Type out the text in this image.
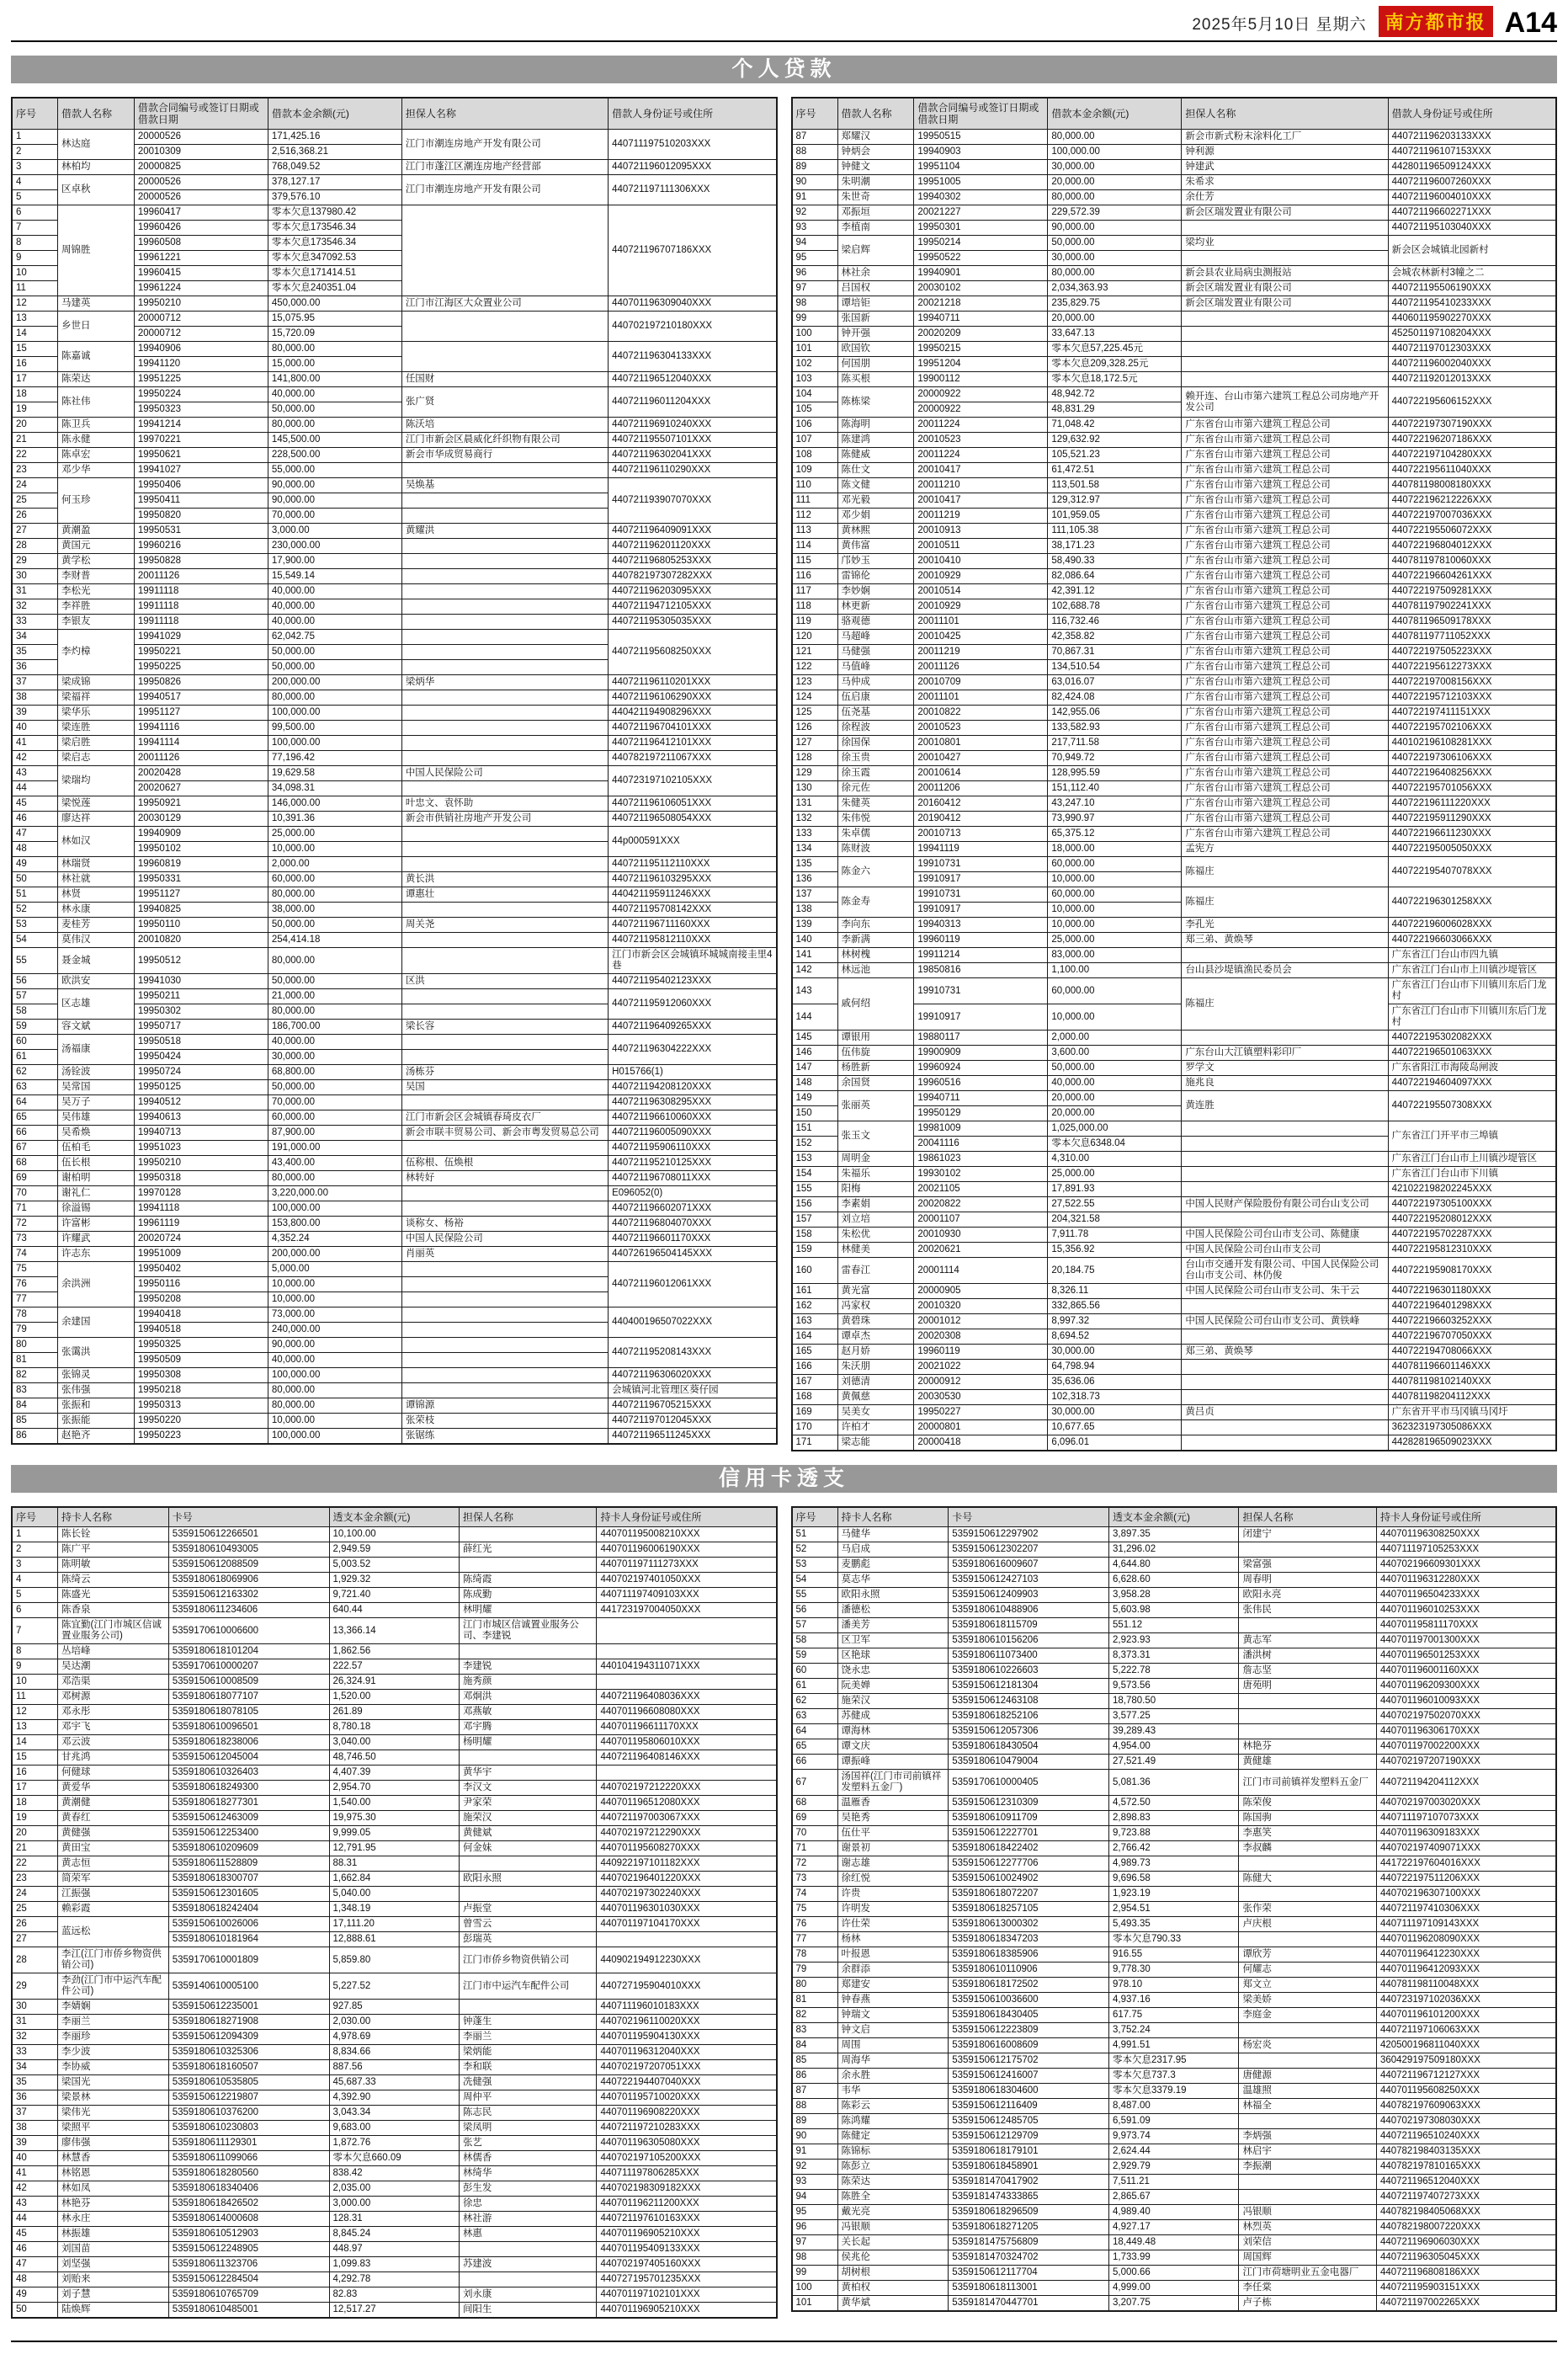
2025年5月10日 星期六	南方都市报 A14
个人贷款
序号	借款人名称	借款合同编号或签订日期或借款日期	借款本金余额(元)	担保人名称	借款人身份证号或住所
1	林达庭	20000526	171,425.16	江门市潮连房地产开发有限公司	440711197510203XXX
2		20010309	2,516,368.21		
3	林柏均	20000825	768,049.52	江门市蓬江区潮连房地产经营部	440721196012095XXX
4	区卓秋	20000526	378,127.17	江门市潮连房地产开发有限公司	440721197111306XXX
5		20000526	379,576.10		
6	周锦胜	19960417	零本欠息137980.42		440721196707186XXX
7		19960426	零本欠息173546.34		
8		19960508	零本欠息173546.34		
9		19961221	零本欠息347092.53		
10		19960415	零本欠息171414.51		
11		19961224	零本欠息240351.04		
12	马建英	19950210	450,000.00	江门市江海区大众置业公司	440701196309040XXX
13	乡世日	20000712	15,075.95		440702197210180XXX
14		20000712	15,720.09		
15	陈嘉诚	19940906	80,000.00		440721196304133XXX
16		19941120	15,000.00		
17	陈荣达	19951225	141,800.00	任国财	440721196512040XXX
18	陈社伟	19950224	40,000.00	张广贤	440721196011204XXX
19		19950323	50,000.00		
20	陈卫兵	19941214	80,000.00	陈沃培	440721196910240XXX
21	陈永健	19970221	145,500.00	江门市新会区晨威化纤织物有限公司	440721195507101XXX
22	陈卓宏	19950621	228,500.00	新会市华成贸易商行	440721196302041XXX
23	邓少华	19941027	55,000.00		440721196110290XXX
24	何玉珍	19950406	90,000.00	吴焕基	440721193907070XXX
25		19950411	90,000.00		
26		19950820	70,000.00		
27	黄潮盈	19950531	3,000.00	黄耀洪	440721196409091XXX
28	黄国元	19960216	230,000.00		440721196201120XXX
29	黄学松	19950828	17,900.00		440721196805253XXX
30	李财普	20011126	15,549.14		440782197307282XXX
31	李松光	19911118	40,000.00		440721196203095XXX
32	李祥胜	19911118	40,000.00		440721194712105XXX
33	李银友	19911118	40,000.00		440721195305035XXX
34	李灼樟	19941029	62,042.75		440721195608250XXX
35		19950221	50,000.00		
36		19950225	50,000.00		
37	梁成锦	19950826	200,000.00	梁炳华	440721196110201XXX
38	梁福祥	19940517	80,000.00		440721196106290XXX
39	梁华乐	19951127	100,000.00		440421194908296XXX
40	梁连胜	19941116	99,500.00		440721196704101XXX
41	梁启胜	19941114	100,000.00		440721196412101XXX
42	梁启志	20011126	77,196.42		440782197211067XXX
43	梁瑞均	20020428	19,629.58	中国人民保险公司	440723197102105XXX
44		20020627	34,098.31		
45	梁悦莲	19950921	146,000.00	叶忠文、袁怀助	440721196106051XXX
46	廖达祥	20030129	10,391.36	新会市供销社房地产开发公司	440721196508054XXX
47	林如汉	19940909	25,000.00		44p000591XXX
48		19950102	10,000.00		
49	林瑞贤	19960819	2,000.00		440721195112110XXX
50	林社就	19950331	60,000.00	黄长洪	440721196103295XXX
51	林贤	19951127	80,000.00	谭惠壮	440421195911246XXX
52	林永康	19940825	38,000.00		440721195708142XXX
53	麦桂芳	19950110	50,000.00	周关尧	440721196711160XXX
54	莫伟汉	20010820	254,414.18		440721195812110XXX
55	聂金城	19950512	80,000.00		江门市新会区会城镇环城城南接圭里4巷
56	欧洪安	19941030	50,000.00	区洪	440721195402123XXX
57	区志雄	19950211	21,000.00		440721195912060XXX
58		19950302	80,000.00		
59	容文斌	19950717	186,700.00	梁长容	440721196409265XXX
60	汤福康	19950518	40,000.00		440721196304222XXX
61		19950424	30,000.00		
62	汤铨波	19950724	68,800.00	汤栋芬	H015766(1)
63	吴常国	19950125	50,000.00	吴国	440721194208120XXX
64	吴万子	19940512	70,000.00		440721196308295XXX
65	吴伟雄	19940613	60,000.00	江门市新会区会城镇春琦皮衣厂	440721196610060XXX
66	吴希焕	19940713	87,900.00	新会市联丰贸易公司、新会市粤发贸易总公司	440721196005090XXX
67	伍柏毛	19951023	191,000.00		440721195906110XXX
68	伍长根	19950210	43,400.00	伍称根、伍焕根	440721195210125XXX
69	谢柏明	19950318	80,000.00	林转好	440721196708011XXX
70	谢礼仁	19970128	3,220,000.00		E096052(0)
71	徐溢锡	19941118	100,000.00		440721196602071XXX
72	许富彬	19961119	153,800.00	谈称女、杨裕	440721196804070XXX
73	许耀武	20020724	4,352.24	中国人民保险公司	440721196601170XXX
74	许志东	19951009	200,000.00	肖丽英	440726196504145XXX
75	余洪洲	19950402	5,000.00		440721196012061XXX
76		19950116	10,000.00		
77		19950208	10,000.00		
78	余建国	19940418	73,000.00		440400196507022XXX
79		19940518	240,000.00		
80	张霭洪	19950325	90,000.00		440721195208143XXX
81		19950509	40,000.00		
82	张锦灵	19950308	100,000.00		440721196306020XXX
83	张伟强	19950218	80,000.00		会城镇河北管理区葵仔园
84	张振和	19950313	80,000.00	谭锦源	440721196705215XXX
85	张振能	19950220	10,000.00	张荣枝	440721197012045XXX
86	赵艳齐	19950223	100,000.00	张锯练	440721196511245XXX
序号	借款人名称	借款合同编号或签订日期或借款日期	借款本金余额(元)	担保人名称	借款人身份证号或住所
87	郑耀汉	19950515	80,000.00	新会市新式粉末涂料化工厂	440721196203133XXX
88	钟炳会	19940903	100,000.00	钟利源	440721196107153XXX
89	钟健文	19951104	30,000.00	钟建武	442801196509124XXX
90	朱明潮	19951005	20,000.00	朱希求	440721196007260XXX
91	朱世奇	19940302	80,000.00	余仕芳	440721196004010XXX
92	邓振垣	20021227	229,572.39	新会区瑞发置业有限公司	440721196602271XXX
93	李植南	19950301	90,000.00		440721195103040XXX
94	梁启辉	19950214	50,000.00	梁均业	新会区会城镇北园新村
95		19950522	30,000.00		
96	林社余	19940901	80,000.00	新会县农业局病虫测报站	会城农林新村3幢之二
97	吕国权	20030102	2,034,363.93	新会区瑞发置业有限公司	440721195506190XXX
98	谭培钜	20021218	235,829.75	新会区瑞发置业有限公司	440721195410233XXX
99	张国新	19940711	20,000.00		440601195902270XXX
100	钟开强	20020209	33,647.13		452501197108204XXX
101	欧国钦	19950215	零本欠息57,225.45元		440721197012303XXX
102	何国朋	19951204	零本欠息209,328.25元		440721196002040XXX
103	陈买根	19900112	零本欠息18,172.5元		440721192012013XXX
104	陈栋梁	20000922	48,942.72	赖开连、台山市第六建筑工程总公司房地产开发公司	440722195606152XXX
105		20000922	48,831.29		
106	陈海明	20011224	71,048.42	广东省台山市第六建筑工程总公司	440722197307190XXX
107	陈建鸿	20010523	129,632.92	广东省台山市第六建筑工程总公司	440722196207186XXX
108	陈健威	20011224	105,521.23	广东省台山市第六建筑工程总公司	440722197104280XXX
109	陈仕文	20010417	61,472.51	广东省台山市第六建筑工程总公司	440722195611040XXX
110	陈文健	20011210	113,501.58	广东省台山市第六建筑工程总公司	440781198008180XXX
111	邓光毅	20010417	129,312.97	广东省台山市第六建筑工程总公司	440722196212226XXX
112	邓少娟	20011219	101,959.05	广东省台山市第六建筑工程总公司	440722197007036XXX
113	黄林熙	20010913	111,105.38	广东省台山市第六建筑工程总公司	440722195506072XXX
114	黄伟富	20010511	38,171.23	广东省台山市第六建筑工程总公司	440722196804012XXX
115	邝妙玉	20010410	58,490.33	广东省台山市第六建筑工程总公司	440781197810060XXX
116	雷锦伦	20010929	82,086.64	广东省台山市第六建筑工程总公司	440722196604261XXX
117	李妙娴	20010514	42,391.12	广东省台山市第六建筑工程总公司	440722197509281XXX
118	林更新	20010929	102,688.78	广东省台山市第六建筑工程总公司	440781197902241XXX
119	骆观德	20011101	116,732.46	广东省台山市第六建筑工程总公司	440781196509178XXX
120	马超峰	20010425	42,358.82	广东省台山市第六建筑工程总公司	440781197711052XXX
121	马健强	20011219	70,867.31	广东省台山市第六建筑工程总公司	440722197505223XXX
122	马值峰	20011126	134,510.54	广东省台山市第六建筑工程总公司	440722195612273XXX
123	马仲成	20010709	63,016.07	广东省台山市第六建筑工程总公司	440722197008156XXX
124	伍启康	20011101	82,424.08	广东省台山市第六建筑工程总公司	440722195712103XXX
125	伍尧基	20010822	142,955.06	广东省台山市第六建筑工程总公司	440722197411151XXX
126	徐程波	20010523	133,582.93	广东省台山市第六建筑工程总公司	440722195702106XXX
127	徐国保	20010801	217,711.58	广东省台山市第六建筑工程总公司	440102196108281XXX
128	徐玉贵	20010427	70,949.72	广东省台山市第六建筑工程总公司	440722197306106XXX
129	徐玉霞	20010614	128,995.59	广东省台山市第六建筑工程总公司	440722196408256XXX
130	徐元佐	20011206	151,112.40	广东省台山市第六建筑工程总公司	440722195701056XXX
131	朱健英	20160412	43,247.10	广东省台山市第六建筑工程总公司	440722196111220XXX
132	朱伟悦	20190412	73,990.97	广东省台山市第六建筑工程总公司	440722195911290XXX
133	朱卓儒	20010713	65,375.12	广东省台山市第六建筑工程总公司	440722196611230XXX
134	陈财波	19941119	18,000.00	孟宪方	440722195005050XXX
135	陈金六	19910731	60,000.00	陈福庄	440722195407078XXX
136		19910917	10,000.00		
137	陈金寿	19910731	60,000.00	陈福庄	440722196301258XXX
138		19910917	10,000.00		
139	李向东	19940313	10,000.00	李孔光	440722196006028XXX
140	李新满	19960119	25,000.00	郑三弟、黄焕琴	440722196603066XXX
141	林树槐	19911214	83,000.00		广东省江门台山市四九镇
142	林远池	19850816	1,100.00	台山县沙堤镇渔民委员会	广东省江门台山市上川镇沙堤管区
143	戚何绍	19910731	60,000.00	陈福庄	广东省江门台山市下川镇川东后门龙村
144		19910917	10,000.00		广东省江门台山市下川镇川东后门龙村
145	谭银用	19880117	2,000.00		440722195302082XXX
146	伍伟旋	19900909	3,600.00	广东台山大江镇塑料彩印厂	440722196501063XXX
147	杨胜新	19960924	50,000.00	罗学文	广东省阳江市海陵岛闸波
148	余国贤	19960516	40,000.00	施兆良	440722194604097XXX
149	张丽英	19940711	20,000.00	黄连胜	440722195507308XXX
150		19950129	20,000.00		
151	张玉文	19981009	1,025,000.00		广东省江门开平市三埠镇
152		20041116	零本欠息6348.04		
153	周明金	19861023	4,310.00		广东省江门台山市上川镇沙堤管区
154	朱福乐	19930102	25,000.00		广东省江门台山市下川镇
155	阳梅	20021105	17,891.93		421022198202245XXX
156	李素娟	20020822	27,522.55	中国人民财产保险股份有限公司台山支公司	440722197305100XXX
157	刘立培	20001107	204,321.58		440722195208012XXX
158	朱松优	20010930	7,911.78	中国人民保险公司台山市支公司、陈健康	440722195702287XXX
159	林健美	20020621	15,356.92	中国人民保险公司台山市支公司	440722195812310XXX
160	雷春江	20001114	20,184.75	台山市交通开发有限公司、中国人民保险公司台山市支公司、林仍俊	440722195908170XXX
161	黄光富	20000905	8,326.11	中国人民保险公司台山市支公司、朱干云	440722196301180XXX
162	冯家权	20010320	332,865.56		440722196401298XXX
163	黄碧珠	20001012	8,997.32	中国人民保险公司台山市支公司、黄铁峰	440722196603252XXX
164	谭卓杰	20020308	8,694.52		440722196707050XXX
165	赵月娇	19960119	30,000.00	郑三弟、黄焕琴	440722194708066XXX
166	朱沃朋	20021022	64,798.94		440781196601146XXX
167	刘德清	20000912	35,636.06		440781198102140XXX
168	黄佩慈	20030530	102,318.73		440781198204112XXX
169	吴美女	19950227	30,000.00	黄吕贞	广东省开平市马冈镇马冈圩
170	许柏才	20000801	10,677.65		362323197305086XXX
171	梁志能	20000418	6,096.01		442828196509023XXX
信用卡透支
序号	持卡人名称	卡号	透支本金余额(元)	担保人名称	持卡人身份证号或住所
1	陈长铨	5359150612266501	10,100.00		440701195008210XXX
2	陈广平	5359180610493005	2,949.59	薛红光	440701196006190XXX
3	陈明敏	5359150612088509	5,003.52		440701197111273XXX
4	陈绮云	5359180618069906	1,929.32	陈绮霞	440702197401050XXX
5	陈盛光	5359150612163302	9,721.40	陈成勤	440711197409103XXX
6	陈香泉	5359180611234606	640.44	林明耀	441723197004050XXX
7	陈宜勤(江门市城区信诚置业服务公司)	5359170610006600	13,366.14	江门市城区信诚置业服务公司、李建锐	
8	丛培峰	5359180618101204	1,862.56		
9	吴达潮	5359170610000207	222.57	李建锐	440104194311071XXX
10	邓浩渠	5359150610008509	26,324.91	施秀颜	
11	邓树源	5359180618077107	1,520.00	邓炯洪	440721196408036XXX
12	邓永彤	5359180618078105	261.89	邓燕敏	440701196608080XXX
13	邓宇飞	5359180610096501	8,780.18	邓宇腾	440701196611170XXX
14	邓云波	5359180618238006	3,040.00	杨明耀	440701195806010XXX
15	甘兆鸿	5359150612045004	48,746.50		440721196408146XXX
16	何健球	5359180610326403	4,407.39	黄华宇	
17	黄爱华	5359180618249300	2,954.70	李汉文	440702197212220XXX
18	黄潮健	5359180618277301	1,540.00	尹家荣	440701196512080XXX
19	黄春红	5359150612463009	19,975.30	施荣汉	440721197003067XXX
20	黄健强	5359150612253400	9,999.05	黄健斌	440702197212290XXX
21	黄田宝	5359180610209609	12,791.95	何金妹	440701195608270XXX
22	黄志恒	5359180611528809	88.31		440922197101182XXX
23	简荣军	5359180618300707	1,662.84	欧阳永照	440702196401220XXX
24	江振强	5359150612301605	5,040.00		440702197302240XXX
25	赖彩霞	5359180618242404	1,348.19	卢振堂	440701196301030XXX
26	蓝远松	5359150610026006	17,111.20	曾雪云	440701197104170XXX
27		5359180610181964	12,888.61	彭瑞英	
28	李江(江门市侨乡物资供销公司)	5359170610001809	5,859.80	江门市侨乡物资供销公司	440902194912230XXX
29	李劲(江门市中运汽车配件公司)	5359140610005100	5,227.52	江门市中运汽车配件公司	440727195904010XXX
30	李婧娴	5359150612235001	927.85		440711196010183XXX
31	李丽兰	5359180618271908	2,030.00	钟蓬生	440702196110020XXX
32	李丽珍	5359150612094309	4,978.69	李丽兰	440701195904130XXX
33	李少波	5359180610325306	8,834.66	梁炳能	440701196312040XXX
34	李协威	5359180618160507	887.56	李和联	440702197207051XXX
35	梁国光	5359180610535805	45,687.33	冼健强	440722194407040XXX
36	梁景林	5359150612219807	4,392.90	周仲平	440701195710020XXX
37	梁伟光	5359180610376200	3,043.34	陈志民	440701196908220XXX
38	梁照平	5359180610230803	9,683.00	梁凤明	440721197210283XXX
39	廖伟强	5359180611129301	1,872.76	张艺	440701196305080XXX
40	林慧香	5359180611099066	零本欠息660.09	林儒香	440702197105200XXX
41	林铭恩	5359180618280560	838.42	林绮华	440711197806285XXX
42	林如凤	5359180618340406	2,035.00	彭生发	440702198309182XXX
43	林艳芬	5359180618426502	3,000.00	徐忠	440701196211200XXX
44	林永庄	5359180614000608	128.31	林社游	440721197610163XXX
45	林振雄	5359180610512903	8,845.24	林惠	440701196905210XXX
46	刘国苗	5359150612248905	448.97		440701195409133XXX
47	刘坚强	5359180611323706	1,099.83	苏建波	440702197405160XXX
48	刘贻来	5359150612284504	4,292.78		440727195701235XXX
49	刘子慧	5359180610765709	82.83	刘永康	440701197102101XXX
50	陆焕辉	5359180610485001	12,517.27	间阳生	440701196905210XXX
序号	持卡人名称	卡号	透支本金余额(元)	担保人名称	持卡人身份证号或住所
51	马健华	5359150612297902	3,897.35	闭建宁	440701196308250XXX
52	马启成	5359150612302207	31,296.02		440711197105253XXX
53	麦鹏彪	5359180616009607	4,644.80	梁富强	440702196609301XXX
54	莫志华	5359150612427103	6,628.60	周春明	440701196312280XXX
55	欧阳永照	5359150612409903	3,958.28	欧阳永亮	440701196504233XXX
56	潘德松	5359180610488906	5,603.98	张伟民	440701196010253XXX
57	潘美芳	5359180618115709	551.12		440701195811170XXX
58	区卫军	5359180610156206	2,923.93	黄志军	440701197001300XXX
59	区艳球	5359180611073400	8,373.31	潘洪树	440701196501253XXX
60	饶永忠	5359180610226603	5,222.78	詹志坚	440701196001160XXX
61	阮美婵	5359150612181304	9,573.56	唐苑明	440701196209300XXX
62	施荣汉	5359150612463108	18,780.50		440701196010093XXX
63	苏健成	5359180618252106	3,577.25		440702197502070XXX
64	谭海林	5359150612057306	39,289.43		440701196306170XXX
65	谭文庆	5359180618430504	4,954.00	林艳芬	440701197002200XXX
66	谭振峰	5359180610479004	27,521.49	黄健雄	440702197207190XXX
67	汤国祥(江门市司前镇祥发塑料五金厂)	5359170610000405	5,081.36	江门市司前镇祥发塑料五金厂	440721194204112XXX
68	温雁香	5359150612310309	4,572.50	陈荣俊	440702197003020XXX
69	吴艳秀	5359180610911709	2,898.83	陈国驹	440711197107073XXX
70	伍仕平	5359150612227701	9,723.88	李惠笑	440701196309183XXX
71	谢景初	5359180618422402	2,766.42	李叔麟	440702197409071XXX
72	谢志雄	5359150612277706	4,989.73		441722197604016XXX
73	徐红悦	5359150610024902	9,696.58	陈健大	440722197511206XXX
74	许贵	5359180618072207	1,923.19		440702196307100XXX
75	许明发	5359180618257105	2,954.51	张作荣	440721197410306XXX
76	许仕荣	5359180613000302	5,493.35	卢庆根	440711197109143XXX
77	杨林	5359180618347203	零本欠息790.33		440701196208090XXX
78	叶报恩	5359180618385906	916.55	谭欣芳	440701196412230XXX
79	余群添	5359180610110906	9,778.30	何耀志	440701196412093XXX
80	郑建安	5359180618172502	978.10	郑文立	440781198110048XXX
81	钟春燕	5359150610036600	4,937.16	梁美娇	440723197102036XXX
82	钟瑞文	5359180618430405	617.75	李庭金	440701196101200XXX
83	钟文启	5359150612223809	3,752.24		440721197106063XXX
84	周围	5359180616008609	4,991.51	杨宏炎	420500196811040XXX
85	周海华	5359150612175702	零本欠息2317.95		360429197509180XXX
86	余永胜	5359150612416007	零本欠息737.3	唐健源	440721196712127XXX
87	韦华	5359180618304600	零本欠息3379.19	温雄照	440701195608250XXX
88	陈彩云	5359150612116409	8,487.00	林福全	440782197609063XXX
89	陈鸿耀	5359150612485705	6,591.09		440702197308030XXX
90	陈健定	5359150612129709	9,973.74	李炳强	440721196510240XXX
91	陈锦标	5359180618179101	2,624.44	林启宇	440782198403135XXX
92	陈彭立	5359180618458901	2,929.79	李振潮	440782197810165XXX
93	陈荣达	5359181470417902	7,511.21		440721196512040XXX
94	陈胜全	5359181474333865	2,865.67		440721197407273XXX
95	戴光亮	5359180618296509	4,989.40	冯银顺	440782198405068XXX
96	冯银顺	5359180618271205	4,927.17	林烈英	440782198007220XXX
97	关长起	5359181475756809	18,449.48	刘荣信	440721196906030XXX
98	侯兆伦	5359181470324702	1,733.99	周国辉	440721196305045XXX
99	胡树根	5359150612117704	5,000.66	江门市荷塘明业五金电器厂	440721196808186XXX
100	黄柏权	5359180618113001	4,999.00	李任棠	440721195903151XXX
101	黄华斌	5359181470447701	3,207.75	卢子栋	440721197002265XXX
